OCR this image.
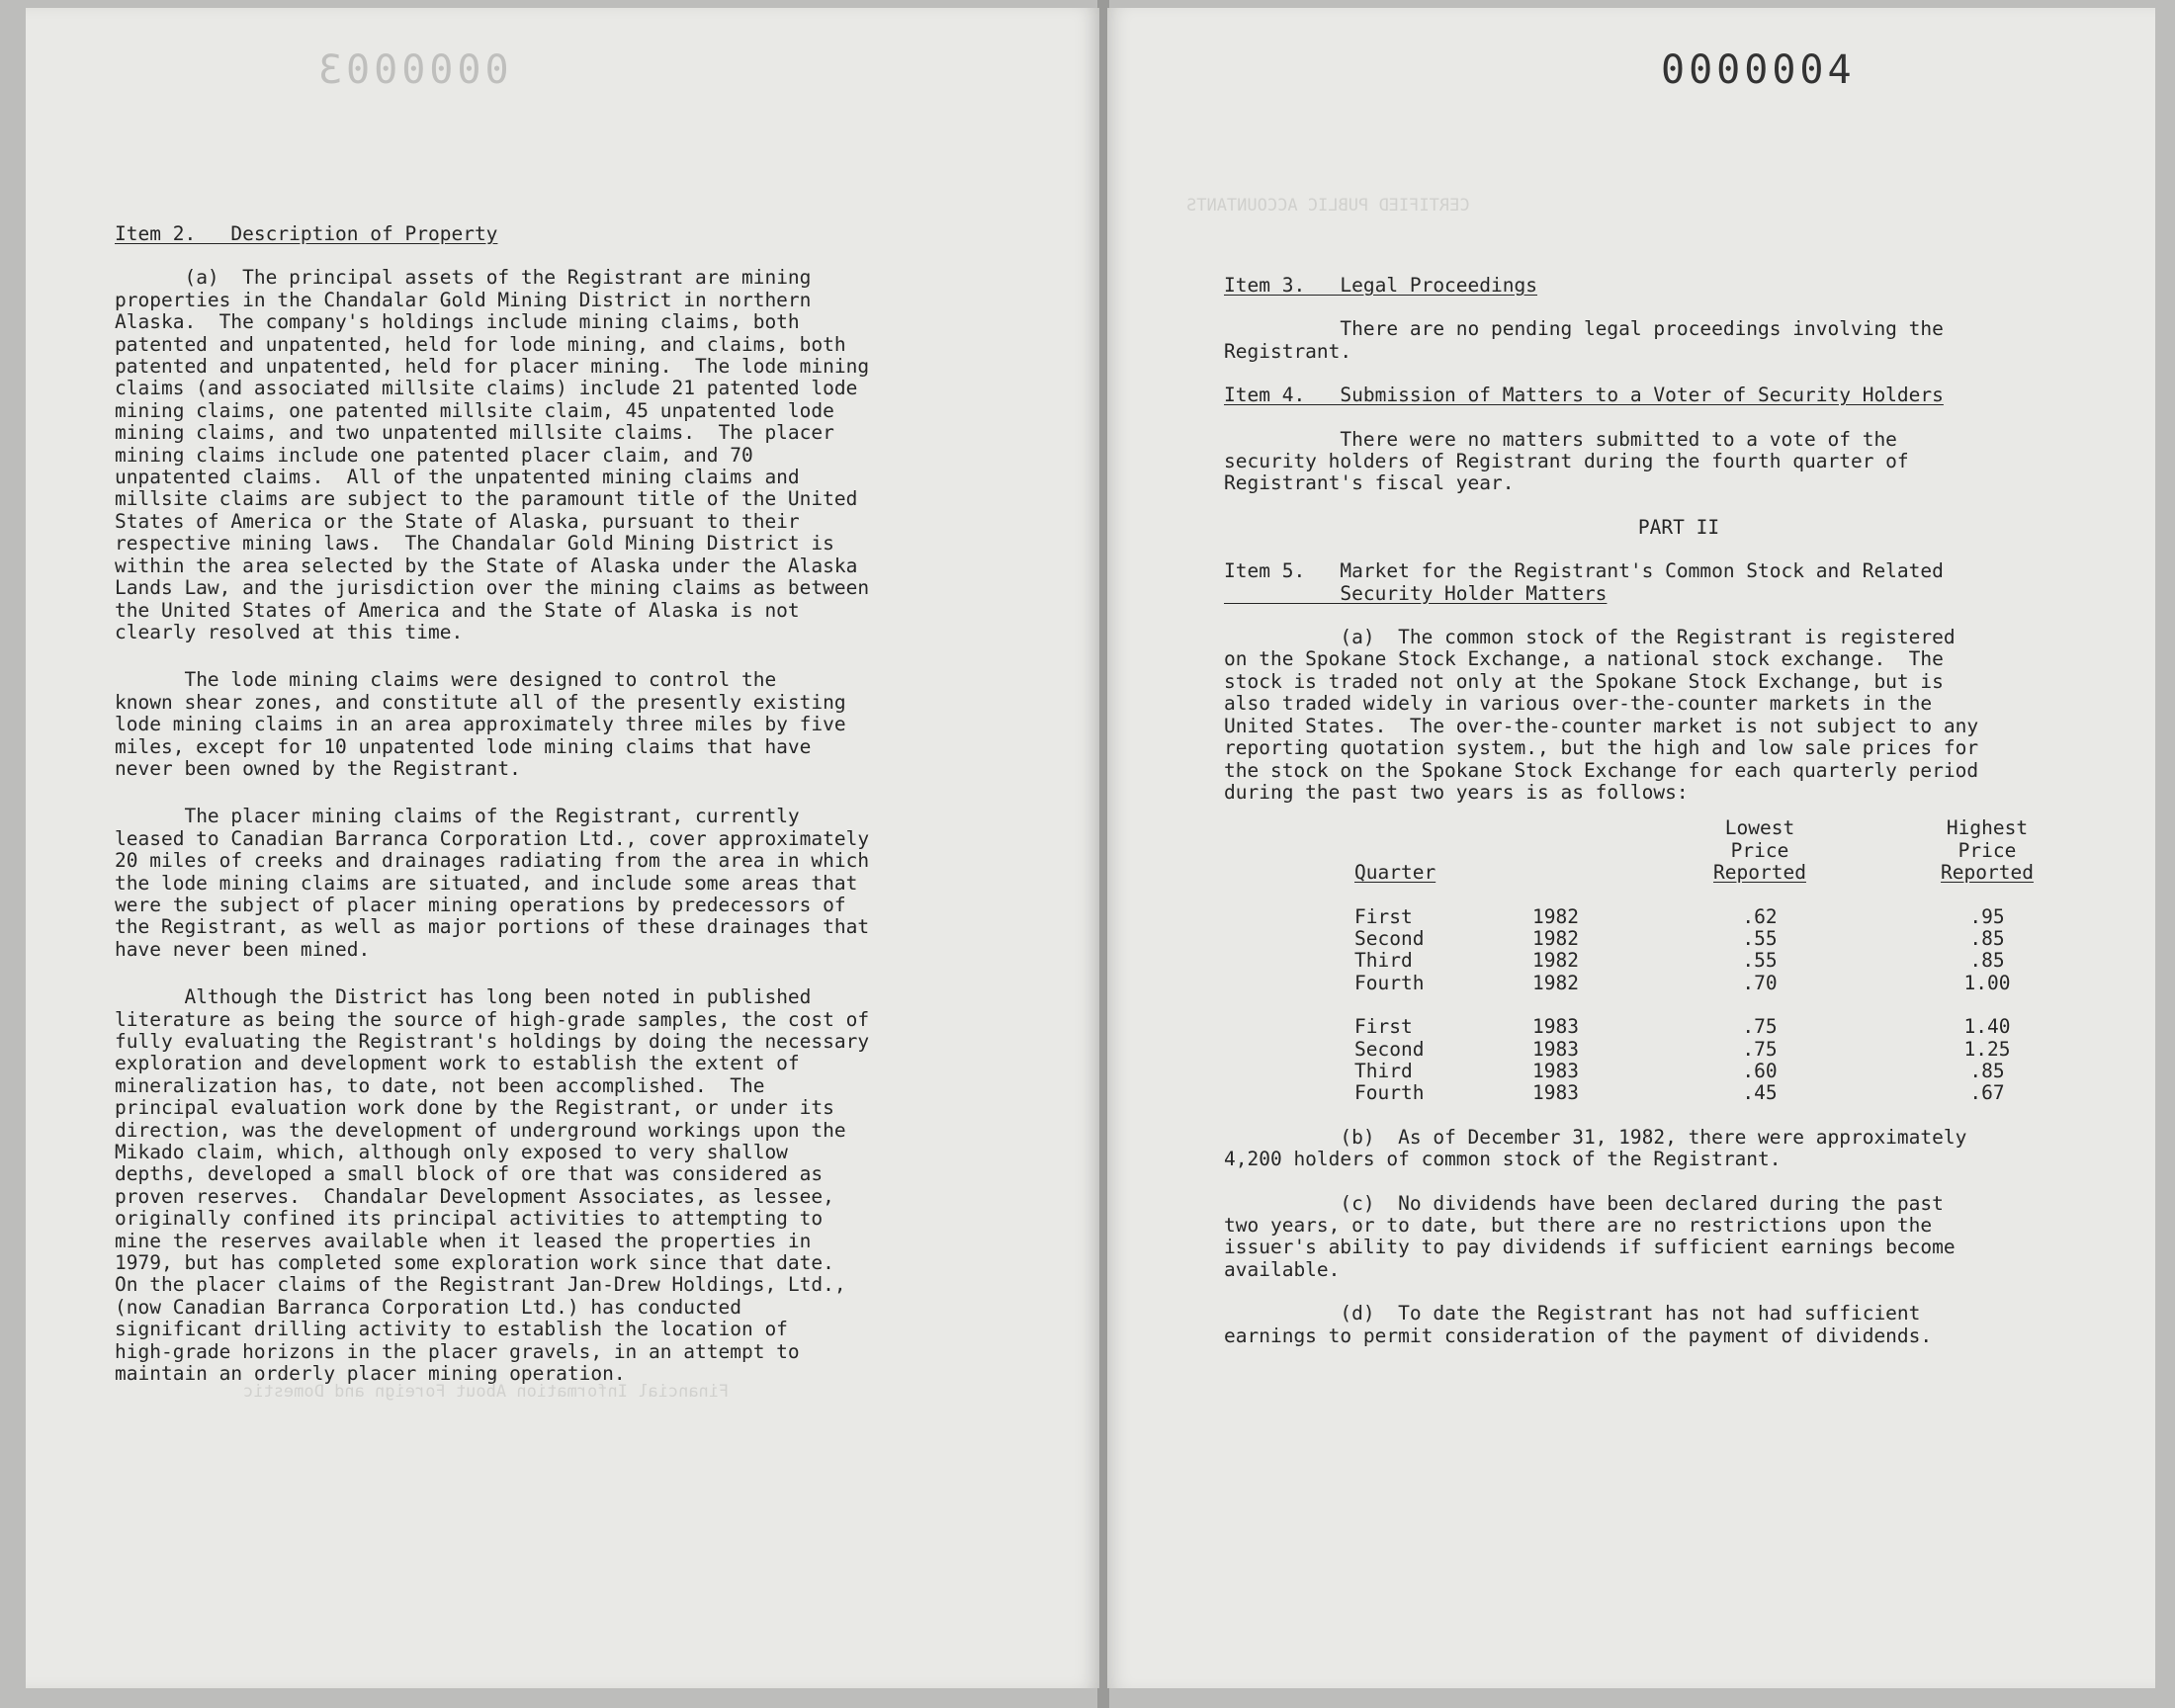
Financial Information About Foreign and Domestic
0000003

Item 2.   Description of Property

(a)  The principal assets of the Registrant are mining
properties in the Chandalar Gold Mining District in northern
Alaska.  The company's holdings include mining claims, both
patented and unpatented, held for lode mining, and claims, both
patented and unpatented, held for placer mining.  The lode mining
claims (and associated millsite claims) include 21 patented lode
mining claims, one patented millsite claim, 45 unpatented lode
mining claims, and two unpatented millsite claims.  The placer
mining claims include one patented placer claim, and 70
unpatented claims.  All of the unpatented mining claims and
millsite claims are subject to the paramount title of the United
States of America or the State of Alaska, pursuant to their
respective mining laws.  The Chandalar Gold Mining District is
within the area selected by the State of Alaska under the Alaska
Lands Law, and the jurisdiction over the mining claims as between
the United States of America and the State of Alaska is not
clearly resolved at this time.

The lode mining claims were designed to control the
known shear zones, and constitute all of the presently existing
lode mining claims in an area approximately three miles by five
miles, except for 10 unpatented lode mining claims that have
never been owned by the Registrant.

The placer mining claims of the Registrant, currently
leased to Canadian Barranca Corporation Ltd., cover approximately
20 miles of creeks and drainages radiating from the area in which
the lode mining claims are situated, and include some areas that
were the subject of placer mining operations by predecessors of
the Registrant, as well as major portions of these drainages that
have never been mined.

Although the District has long been noted in published
literature as being the source of high-grade samples, the cost of
fully evaluating the Registrant's holdings by doing the necessary
exploration and development work to establish the extent of
mineralization has, to date, not been accomplished.  The
principal evaluation work done by the Registrant, or under its
direction, was the development of underground workings upon the
Mikado claim, which, although only exposed to very shallow
depths, developed a small block of ore that was considered as
proven reserves.  Chandalar Development Associates, as lessee,
originally confined its principal activities to attempting to
mine the reserves available when it leased the properties in
1979, but has completed some exploration work since that date.
On the placer claims of the Registrant Jan-Drew Holdings, Ltd.,
(now Canadian Barranca Corporation Ltd.) has conducted
significant drilling activity to establish the location of
high-grade horizons in the placer gravels, in an attempt to
maintain an orderly placer mining operation.

CERTIFIED PUBLIC ACCOUNTANTS
0000004

Item 3.   Legal Proceedings

There are no pending legal proceedings involving the
Registrant.

Item 4.   Submission of Matters to a Voter of Security Holders

There were no matters submitted to a vote of the
security holders of Registrant during the fourth quarter of
Registrant's fiscal year.

PART II

Item 5.   Market for the Registrant's Common Stock and Related

Security Holder Matters

(a)  The common stock of the Registrant is registered
on the Spokane Stock Exchange, a national stock exchange.  The
stock is traded not only at the Spokane Stock Exchange, but is
also traded widely in various over-the-counter markets in the
United States.  The over-the-counter market is not subject to any
reporting quotation system., but the high and low sale prices for
the stock on the Spokane Stock Exchange for each quarterly period
during the past two years is as follows:

		Lowest	Highest
		Price	Price
Quarter		Reported	Reported

First	1982	.62	.95
Second	1982	.55	.85
Third	1982	.55	.85
Fourth	1982	.70	1.00

First	1983	.75	1.40
Second	1983	.75	1.25
Third	1983	.60	.85
Fourth	1983	.45	.67

(b)  As of December 31, 1982, there were approximately
4,200 holders of common stock of the Registrant.

(c)  No dividends have been declared during the past
two years, or to date, but there are no restrictions upon the
issuer's ability to pay dividends if sufficient earnings become
available.

(d)  To date the Registrant has not had sufficient
earnings to permit consideration of the payment of dividends.
